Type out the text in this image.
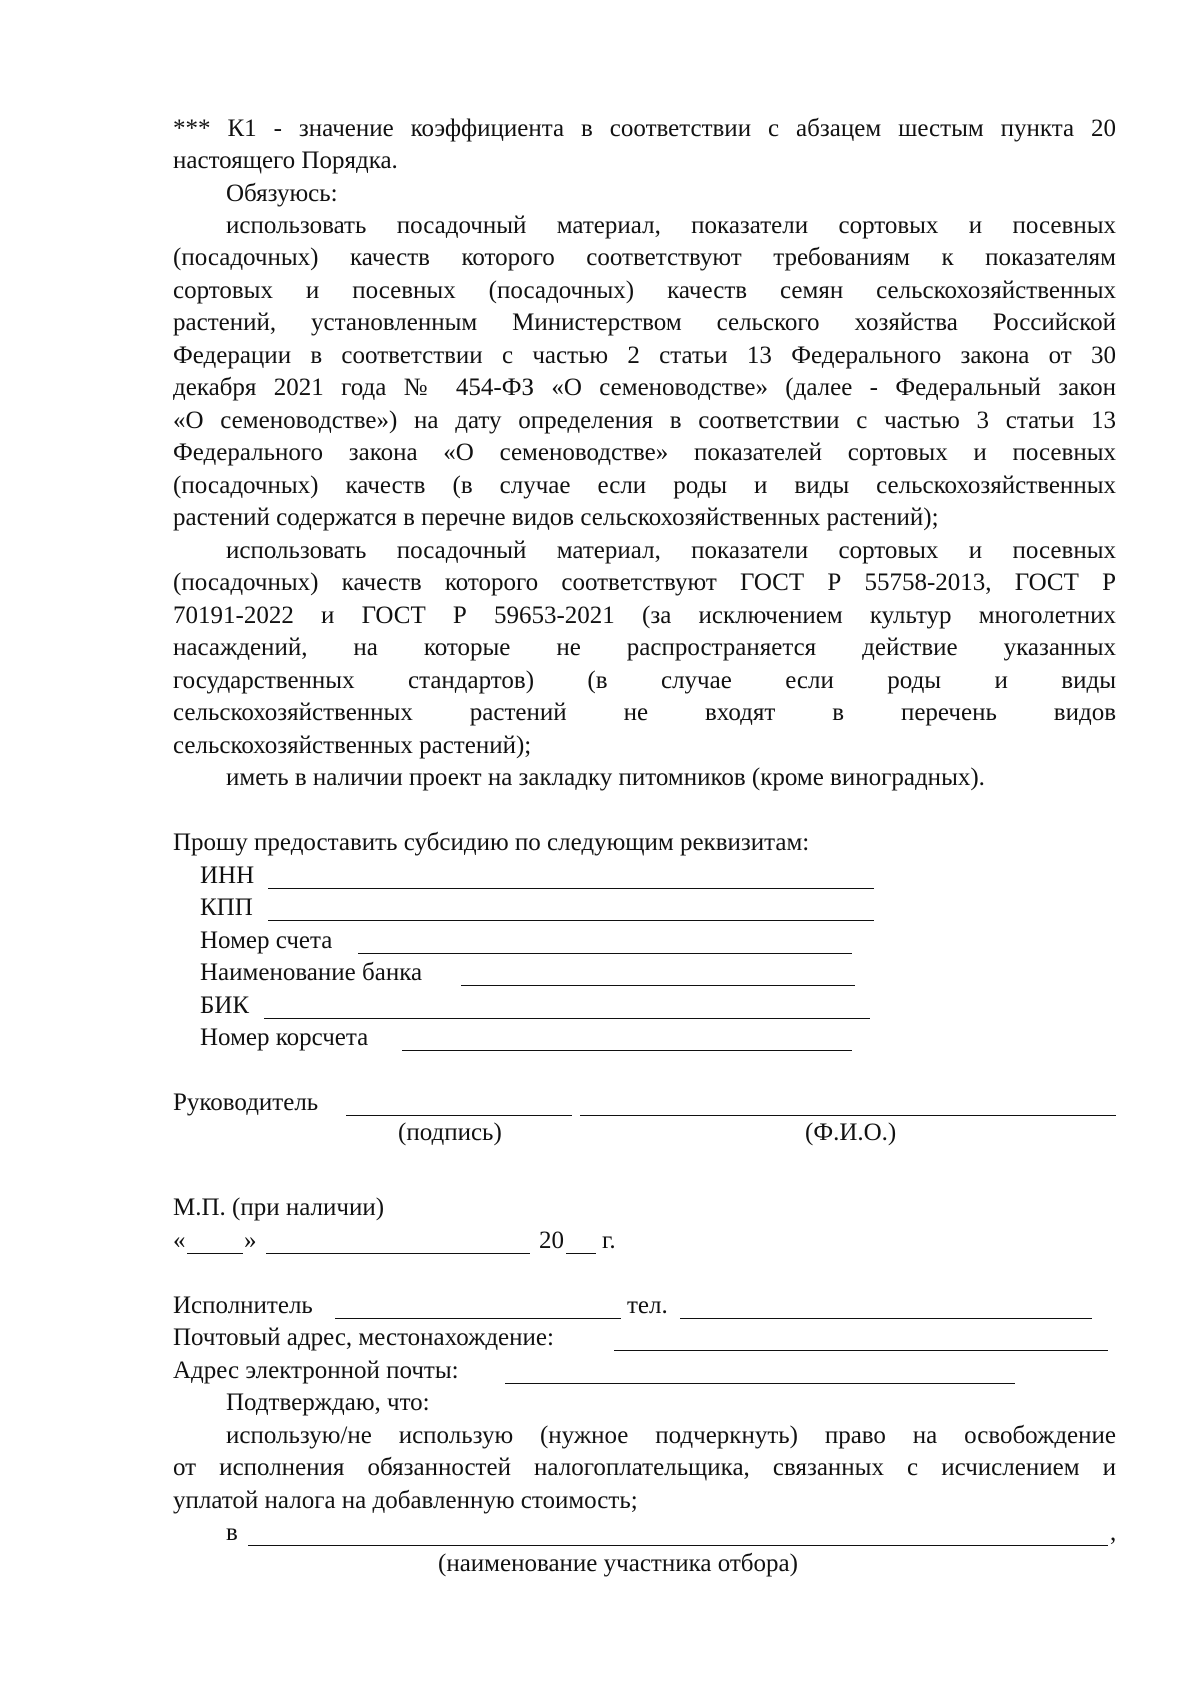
*** К1 - значение коэффициента в соответствии с абзацем шестым пункта 20
настоящего Порядка.
Обязуюсь:
использовать посадочный материал, показатели сортовых и посевных
(посадочных) качеств которого соответствуют требованиям к показателям
сортовых и посевных (посадочных) качеств семян сельскохозяйственных
растений, установленным Министерством сельского хозяйства Российской
Федерации в соответствии с частью 2 статьи 13 Федерального закона от 30
декабря 2021 года № 454-ФЗ «О семеноводстве» (далее - Федеральный закон
«О семеноводстве») на дату определения в соответствии с частью 3 статьи 13
Федерального закона «О семеноводстве» показателей сортовых и посевных
(посадочных) качеств (в случае если роды и виды сельскохозяйственных
растений содержатся в перечне видов сельскохозяйственных растений);
использовать посадочный материал, показатели сортовых и посевных
(посадочных) качеств которого соответствуют ГОСТ Р 55758-2013, ГОСТ Р
70191-2022 и ГОСТ Р 59653-2021 (за исключением культур многолетних
насаждений, на которые не распространяется действие указанных
государственных стандартов) (в случае если роды и виды
сельскохозяйственных растений не входят в перечень видов
сельскохозяйственных растений);
иметь в наличии проект на закладку питомников (кроме виноградных).
Прошу предоставить субсидию по следующим реквизитам:
ИНН
КПП
Номер счета
Наименование банка
БИК
Номер корсчета
Руководитель
(подпись)	(Ф.И.О.)
М.П. (при наличии)
« »	20 г.
Исполнитель	тел.
Почтовый адрес, местонахождение:
Адрес электронной почты:
Подтверждаю, что:
использую/не использую (нужное подчеркнуть) право на освобождение
от исполнения обязанностей налогоплательщика, связанных с исчислением и
уплатой налога на добавленную стоимость;
в	,
(наименование участника отбора)
